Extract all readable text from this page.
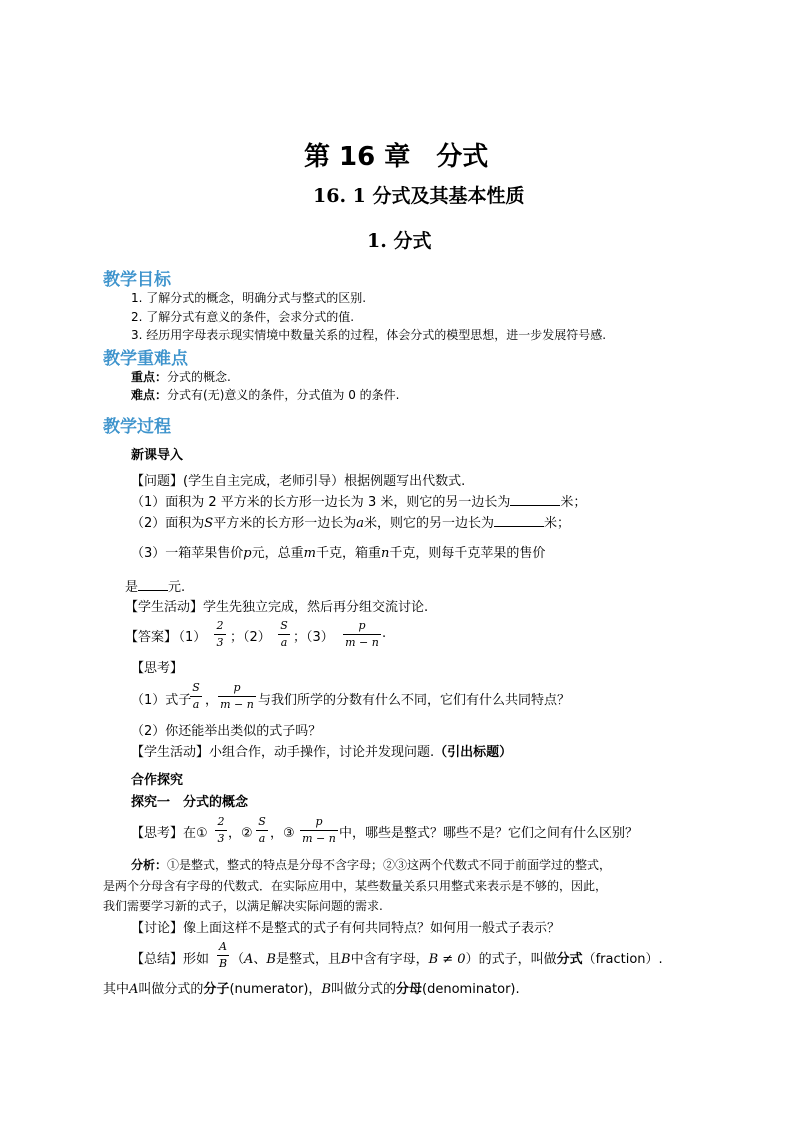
第 16 章　分式
16. 1 分式及其基本性质
1. 分式
教学目标
1. 了解分式的概念，明确分式与整式的区别.
2. 了解分式有意义的条件，会求分式的值.
3. 经历用字母表示现实情境中数量关系的过程，体会分式的模型思想，进一步发展符号感.
教学重难点
重点：分式的概念.
难点：分式有(无)意义的条件，分式值为 0 的条件.
教学过程
新课导入
【问题】(学生自主完成，老师引导）根据例题写出代数式.
（1）面积为 2 平方米的长方形一边长为 3 米，则它的另一边长为	米；
（2）面积为S平方米的长方形一边长为a米，则它的另一边长为	米；
（3）一箱苹果售价p元，总重m千克，箱重n千克，则每千克苹果的售价
是 元.
【学生活动】学生先独立完成，然后再分组交流讨论.
【答案】
（1）
2
3 ；（2）
S
a ；（3）
p
m − n
.
【思考】
（1）式子
S
a ，
p
m − n 与我们所学的分数有什么不同，它们有什么共同特点？
（2）你还能举出类似的式子吗？
【学生活动】小组合作，动手操作，讨论并发现问题.（引出标题）
合作探究
探究一　分式的概念
【思考】在①
2
3 ，②
S
a ，③
p
m − n 中，哪些是整式？哪些不是？它们之间有什么区别？
分析：①是整式，整式的特点是分母不含字母；②③这两个代数式不同于前面学过的整式，
是两个分母含有字母的代数式．在实际应用中，某些数量关系只用整式来表示是不够的，因此，
我们需要学习新的式子，以满足解决实际问题的需求.
【讨论】像上面这样不是整式的式子有何共同特点？如何用一般式子表示？
【总结】形如
A
B （A、B是整式，且B中含有字母，B ≠ 0）的式子，叫做分式（fraction）.
其中A叫做分式的分子(numerator)，B叫做分式的分母(denominator).
